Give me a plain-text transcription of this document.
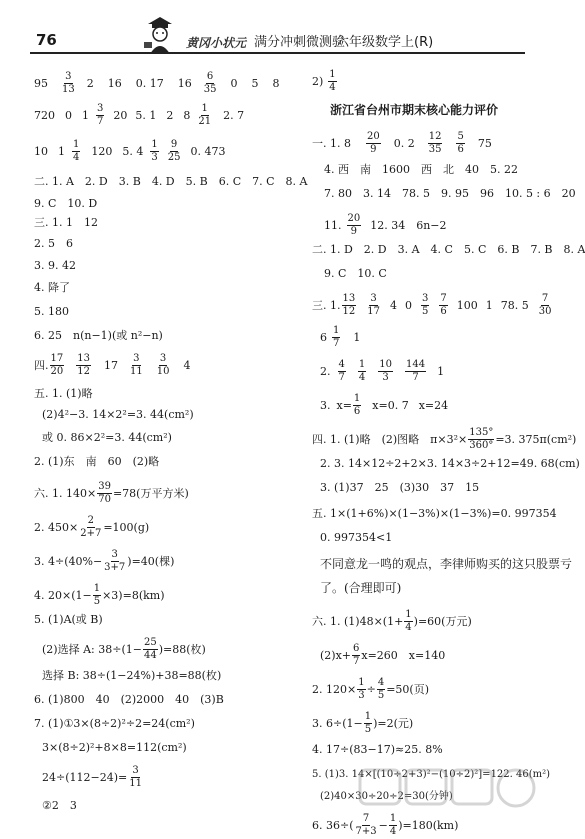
76	黄冈小状元 满分冲刺微测验
六年级数学上(R)
$95 \frac{3}{13} 2$ 16 0. 17 $16 \frac{6}{35} 0$ 5 8
720 0 $1 \frac{3}{7} 20$ 5. 1 2 $8 \frac{1}{21} 2$. 7
10 $1 \frac{1}{4} 120$ 5. $4 \frac{1}{3} \frac{9}{25} 0$. 473
二. 1. A　2. D　3. B　4. D　5. B　6. C　7. C　8. A
9. C　10. D
三. 1. 1　12
2. 5　6
3. 9. 42
4. 降了
5. 180
6. 25　n(n−1)(或 n²−n)
四. $\frac{17}{20} \frac{13}{12} 17 \frac{3}{11} \frac{3}{10} 4$
五. 1. (1)略
(2)4²−3. 14×2²=3. 44(cm²)
或 0. 86×2²=3. 44(cm²)
2. (1)东　南　60　(2)略
六. 1. $140\times \frac{39}{70} =78$(万平方米)
2. $450\times \frac{2}{2+7} =100(g)$
3. $4\div(40\%- \frac{3}{3+7} )=40$(棵)
4. $20\times(1- \frac{1}{5} \times 3)=8(km)$
5. (1)A(或 B)
(2)选择 A: $38\div(1- \frac{25}{44} )=88$(枚)
选择 B: 38÷(1−24%)+38=88(枚)
6. (1)800　40　(2)2000　40　(3)B
7. (1)①3×(8÷2)²÷2=24(cm²)
3×(8÷2)²+8×8=112(cm²)
$24\div(112-24)= \frac{3}{11}$
②2　3
$2) \frac{1}{4}$
浙江省台州市期末核心能力评价
一. 1. $8 \frac{20}{9} 0$. $2 \frac{12}{35} \frac{5}{6} 75$
4. 西　南　1600　西　北　40　5. 22
7. 80　3. 14　78. 5　9. 95　96　10. 5 : 6　20
11. $\frac{20}{9} 12$. 34　6n−2
二. 1. D　2. D　3. A　4. C　5. C　6. B　7. B　8. A
9. C　10. C
三. 1. $\frac{13}{12} \frac{3}{17} 4$ $0 \frac{3}{5} \frac{7}{6} 100$ 1 78. $5 \frac{7}{30}$
$6 \frac{1}{7} 1$
2. $\frac{4}{7} \frac{1}{4} \frac{10}{3} \frac{144}{7} 1$
3. $x= \frac{1}{6} x=0$. 7 x=24
四. 1. (1)略　(2)图略　$\pi\times 3^2\times \frac{135^\circ}{360^\circ} =3$. 375π(cm²)
2. 3. 14×12÷2+2×3. 14×3÷2+12=49. 68(cm)
3. (1)37　25　(3)30　37　15
五. 1×(1+6%)×(1−3%)×(1−3%)=0. 997354
0. 997354<1
不同意龙一鸣的观点，李律师购买的这只股票亏
了。(合理即可)
六. 1. $(1)48\times(1+ \frac{1}{4} )=60$(万元)
$(2)x+ \frac{6}{7} x=260$　x=140
2. $120\times \frac{1}{3} \div \frac{4}{5} =50$(页)
3. $6\div(1- \frac{1}{5} )=2$(元)
4. 17÷(83−17)≈25. 8%
5. (1)3. 14×[(10÷2+3)²−(10÷2)²]=122. 46(m²)
(2)40×30÷20÷2=30(分钟)
6. $36\div( \frac{7}{7+3} - \frac{1}{4} )=180(km)$
